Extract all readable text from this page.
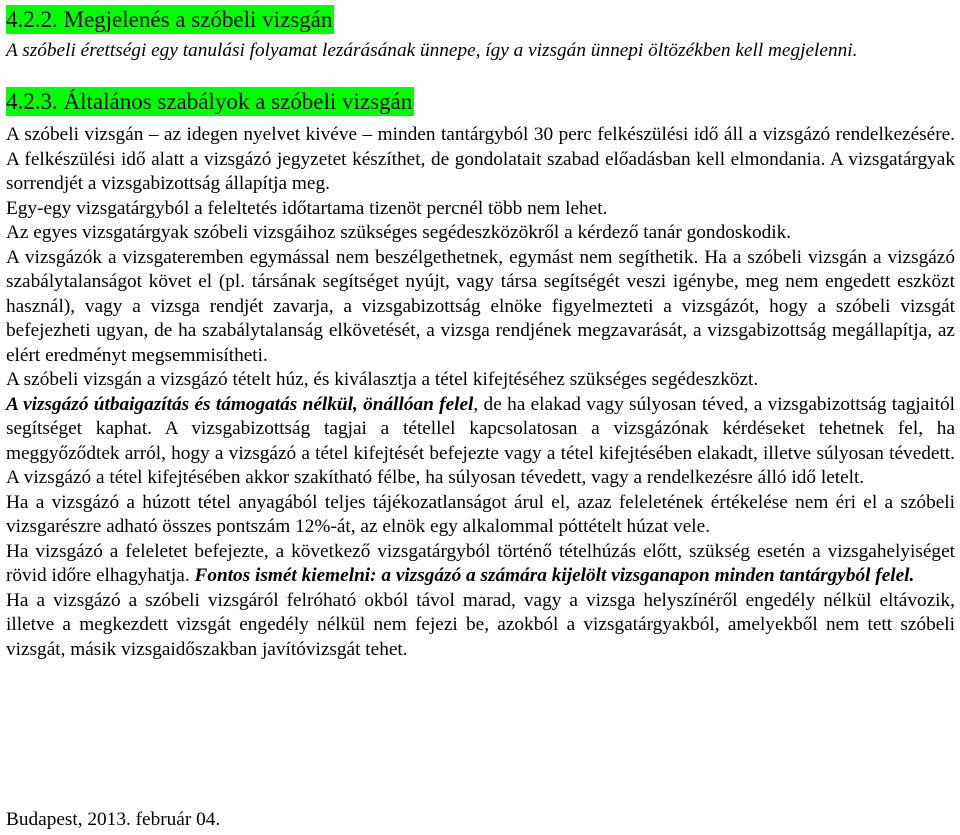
4.2.2. Megjelenés a szóbeli vizsgán

A szóbeli érettségi egy tanulási folyamat lezárásának ünnepe, így a vizsgán ünnepi öltözékben kell megjelenni.

4.2.3. Általános szabályok a szóbeli vizsgán

A szóbeli vizsgán – az idegen nyelvet kivéve – minden tantárgyból 30 perc felkészülési idő áll a vizsgázó rendelkezésére. A felkészülési idő alatt a vizsgázó jegyzetet készíthet, de gondolatait szabad előadásban kell elmondania. A vizsgatárgyak sorrendjét a vizsgabizottság állapítja meg.

Egy-egy vizsgatárgyból a feleltetés időtartama tizenöt percnél több nem lehet.

Az egyes vizsgatárgyak szóbeli vizsgáihoz szükséges segédeszközökről a kérdező tanár gondoskodik.

A vizsgázók a vizsgateremben egymással nem beszélgethetnek, egymást nem segíthetik. Ha a szóbeli vizsgán a vizsgázó szabálytalanságot követ el (pl. társának segítséget nyújt, vagy társa segítségét veszi igénybe, meg nem engedett eszközt használ), vagy a vizsga rendjét zavarja, a vizsgabizottság elnöke figyelmezteti a vizsgázót, hogy a szóbeli vizsgát befejezheti ugyan, de ha szabálytalanság elkövetését, a vizsga rendjének megzavarását, a vizsgabizottság megállapítja, az elért eredményt megsemmisítheti.

A szóbeli vizsgán a vizsgázó tételt húz, és kiválasztja a tétel kifejtéséhez szükséges segédeszközt.

A vizsgázó útbaigazítás és támogatás nélkül, önállóan felel, de ha elakad vagy súlyosan téved, a vizsgabizottság tagjaitól segítséget kaphat. A vizsgabizottság tagjai a tétellel kapcsolatosan a vizsgázónak kérdéseket tehetnek fel, ha meggyőződtek arról, hogy a vizsgázó a tétel kifejtését befejezte vagy a tétel kifejtésében elakadt, illetve súlyosan tévedett. A vizsgázó a tétel kifejtésében akkor szakítható félbe, ha súlyosan tévedett, vagy a rendelkezésre álló idő letelt.

Ha a vizsgázó a húzott tétel anyagából teljes tájékozatlanságot árul el, azaz feleletének értékelése nem éri el a szóbeli vizsgarészre adható összes pontszám 12%-át, az elnök egy alkalommal póttételt húzat vele.

Ha vizsgázó a feleletet befejezte, a következő vizsgatárgyból történő tételhúzás előtt, szükség esetén a vizsgahelyiséget rövid időre elhagyhatja. Fontos ismét kiemelni: a vizsgázó a számára kijelölt vizsganapon minden tantárgyból felel.

Ha a vizsgázó a szóbeli vizsgáról felróható okból távol marad, vagy a vizsga helyszínéről engedély nélkül eltávozik, illetve a megkezdett vizsgát engedély nélkül nem fejezi be, azokból a vizsgatárgyakból, amelyekből nem tett szóbeli vizsgát, másik vizsgaidőszakban javítóvizsgát tehet.

Budapest, 2013. február 04.
